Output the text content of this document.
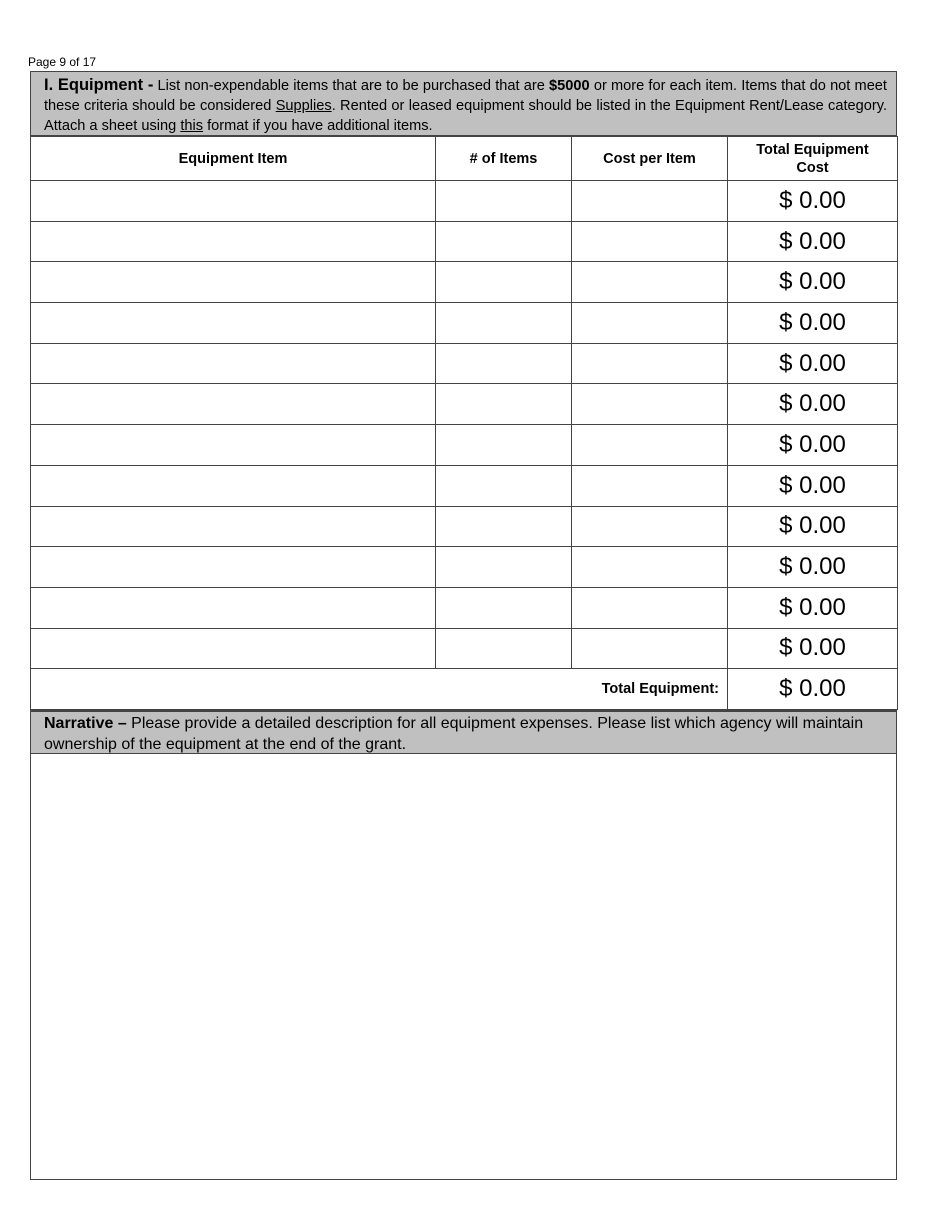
Page 9 of 17
I. Equipment - List non-expendable items that are to be purchased that are $5000 or more for each item. Items that do not meet these criteria should be considered Supplies. Rented or leased equipment should be listed in the Equipment Rent/Lease category. Attach a sheet using this format if you have additional items.
Equipment Item	# of Items	Cost per Item	Total Equipment
Cost
			$ 0.00
			$ 0.00
			$ 0.00
			$ 0.00
			$ 0.00
			$ 0.00
			$ 0.00
			$ 0.00
			$ 0.00
			$ 0.00
			$ 0.00
			$ 0.00
Total Equipment:			$ 0.00
Narrative – Please provide a detailed description for all equipment expenses. Please list which agency will maintain ownership of the equipment at the end of the grant.
